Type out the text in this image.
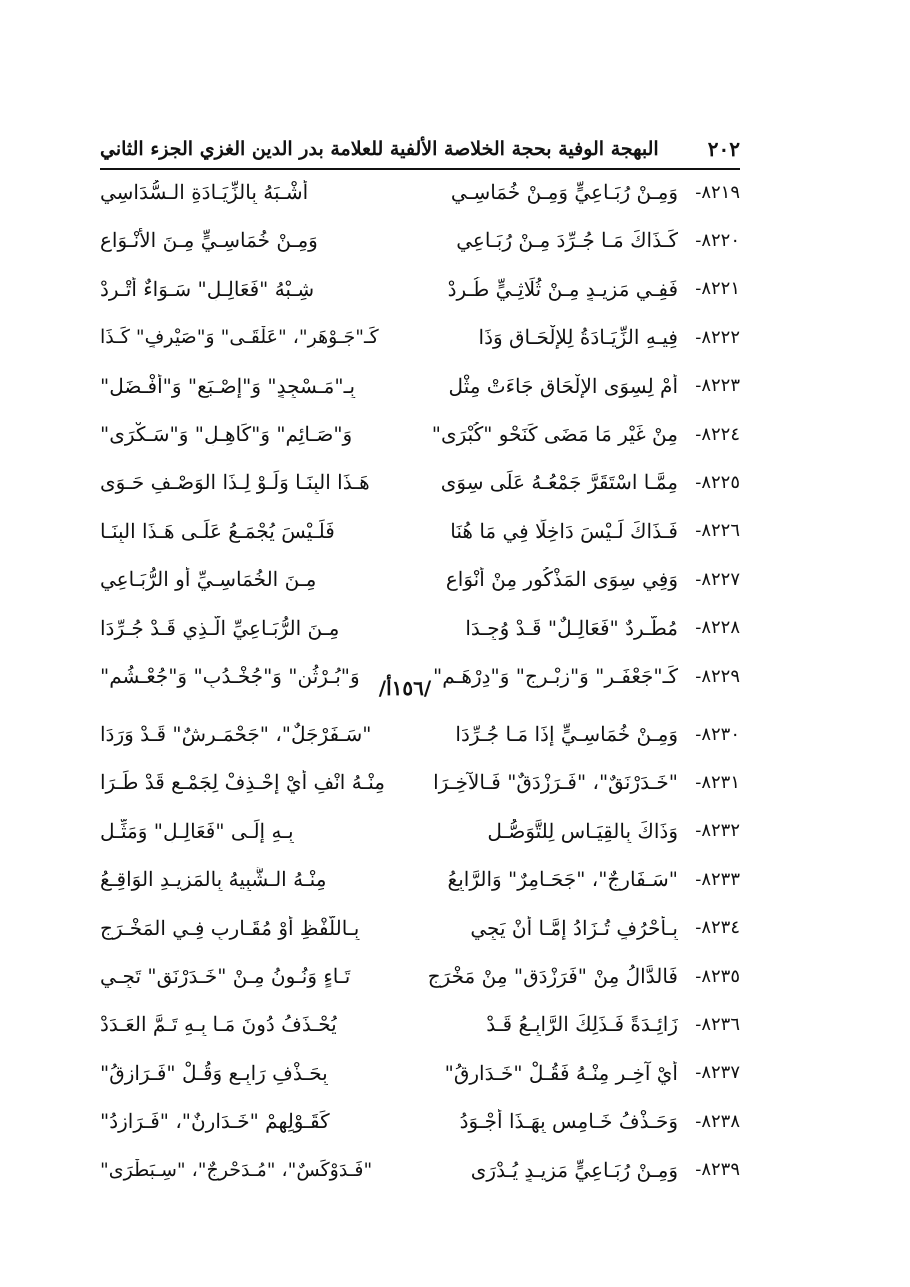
٢٠٢
البهجة الوفية بحجة الخلاصة الألفية للعلامة بدر الدين الغزي الجزء الثاني
٨٢١٩-
وَمِـنْ رُبَـاعِيٍّ وَمِـنْ خُمَاسِـي
أَشْـبَهُ بِالزِّيَـادَةِ الـسُّدَاسِي
٨٢٢٠-
كَـذَاكَ مَـا جُـرِّدَ مِـنْ رُبَـاعِي
وَمِـنْ خُمَاسِـيٍّ مِـنَ الأَنْـوَاعِ
٨٢٢١-
فَفِـي مَزِيـدٍ مِـنْ ثُلَاثِـيٍّ طُـرِدْ
شِـبْهُ "فَعَالِـلٍ" سَـوَاءٌ أَتْـرِدْ
٨٢٢٢-
فِيـهِ الزِّيَـادَةُ لِلإِلْحَـاقِ وَذَا
كَـ"جَـوْهَرٍ"، "عَلْقَـى" وَ"صَيْرِفٍ" كَـذَا
٨٢٢٣-
أَمْ لِسِوَى الإِلْحَاقِ جَاءَتْ مِثْلِ
بِـ"مَـسْجِدٍ" وَ"إِصْـبَعٍ" وَ"أَفْـضَلِ"
٨٢٢٤-
مِنْ غَيْرِ مَا مَضَى كَنَحْوِ "كُبْرَى"
وَ"صَـائِمٍ" وَ"كَاهِـلٍ" وَ"سَـكْرَى"
٨٢٢٥-
مِمَّـا اسْتَقَرَّ جَمْعُـهُ عَلَى سِوَى
هَـذَا البِنَـا وَلَـوْ لِـذَا الوَصْـفِ حَـوَى
٨٢٢٦-
فَـذَاكَ لَـيْسَ دَاخِلًا فِي مَا هُنَا
فَلَـيْسَ يُجْمَـعُ عَلَـى هَـذَا البِنَـا
٨٢٢٧-
وَفِي سِوَى المَذْكُورِ مِنْ أَنْوَاعِ
مِـنَ الخُمَاسِـيِّ أَوِ الرُّبَـاعِي
٨٢٢٨-
مُطَّـرِدٌ "فَعَالِـلٌ" قَـدْ وُجِـدَا
مِـنَ الرُّبَـاعِيِّ الَّـذِي قَـدْ جُـرِّدَا
٨٢٢٩-
كَـ"جَعْفَـرٍ" وَ"زِبْـرِجٍ" وَ"دِرْهَـمٍ"
وَ"بُـرْثُنٍ" وَ"جُخْـدُبٍ" وَ"جُعْـشُمٍ" /١٥٦أ/
٨٢٣٠-
وَمِـنْ خُمَاسِـيٍّ إِذَا مَـا جُـرِّدَا
"سَـفَرْجَلٌ"، "جَحْمَـرِشٌ" قَـدْ وَرَدَا
٨٢٣١-
"خَـدَرْنَقٌ"، "فَـرَزْدَقٌ" فَـالآخِـرَا
مِنْـهُ انْفِ أَيْ إِحْـذِفْ لِجَمْـعٍ قَدْ طَـرَا
٨٢٣٢-
وَذَاكَ بِالقِيَـاسِ لِلتَّوَصُّـلِ
بِـهِ إِلَـى "فَعَالِـلٍ" وَمَثِّـلِ
٨٢٣٣-
"سَـفَارِجٌ"، "جَحَـامِرٌ" وَالرَّابِعُ
مِنْـهُ الـشَّبِيهُ بِالمَزِيـدِ الوَاقِـعُ
٨٢٣٤-
بِـأَحْرُفٍ تُـزَادُ إِمَّـا أَنْ يَجِي
بِـاللَّفْظِ أَوْ مُقَـارِبٍ فِـي المَخْـرَجِ
٨٢٣٥-
فَالدَّالُ مِنْ "فَرَزْدَقٍ" مِنْ مَخْرَجِ
تَـاءٍ وَنُـونُ مِـنْ "خَـدَرْنَقٍ" تَجِـي
٨٢٣٦-
زَائِـدَةً فَـذَلِكَ الرَّابِـعُ قَـدْ
يُحْـذَفُ دُونَ مَـا بِـهِ تَـمَّ العَـدَدْ
٨٢٣٧-
أَيْ آخِـرٍ مِنْـهُ فَقُـلْ "خَـدَارِقُ"
بِحَـذْفِ رَابِـعٍ وَقُـلْ "فَـرَازِقُ"
٨٢٣٨-
وَحَـذْفُ خَـامِسٍ بِهَـذَا أَجْـوَدُ
كَقَـوْلِهِمْ "خَـدَارِنٌ"، "فَـرَازِدُ"
٨٢٣٩-
وَمِـنْ رُبَـاعِيٍّ مَزِيـدٍ يُـدْرَى
"فَـدَوْكَسٌ"، "مُـدَحْرِجٌ"، "سِـبَطْرَى"
